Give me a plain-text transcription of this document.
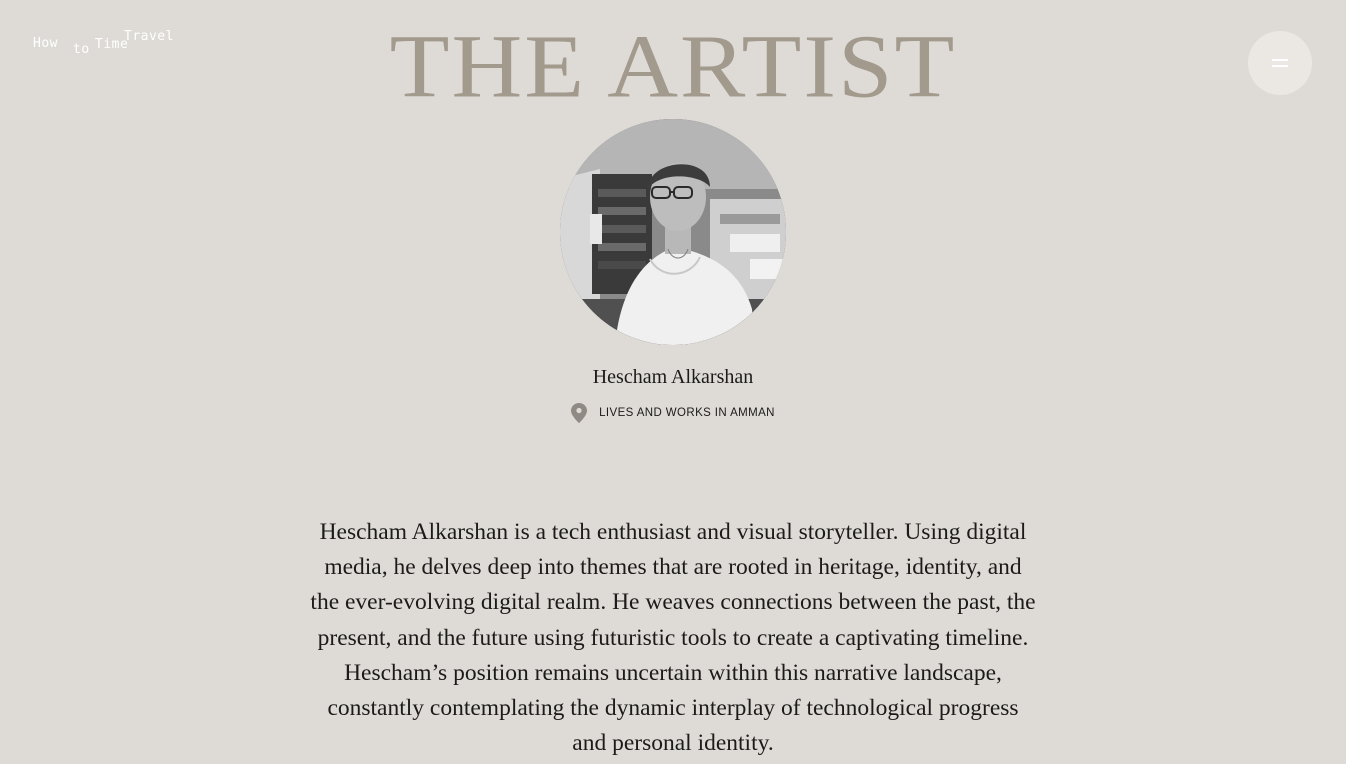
How to Time
Travel	THE ARTIST
Hescham Alkarshan
LIVES AND WORKS IN AMMAN

Hescham Alkarshan is a tech enthusiast and visual storyteller. Using digital media, he delves deep into themes that are rooted in heritage, identity, and the ever-evolving digital realm. He weaves connections between the past, the present, and the future using futuristic tools to create a captivating timeline. Hescham’s position remains uncertain within this narrative landscape, constantly contemplating the dynamic interplay of technological progress and personal identity.
